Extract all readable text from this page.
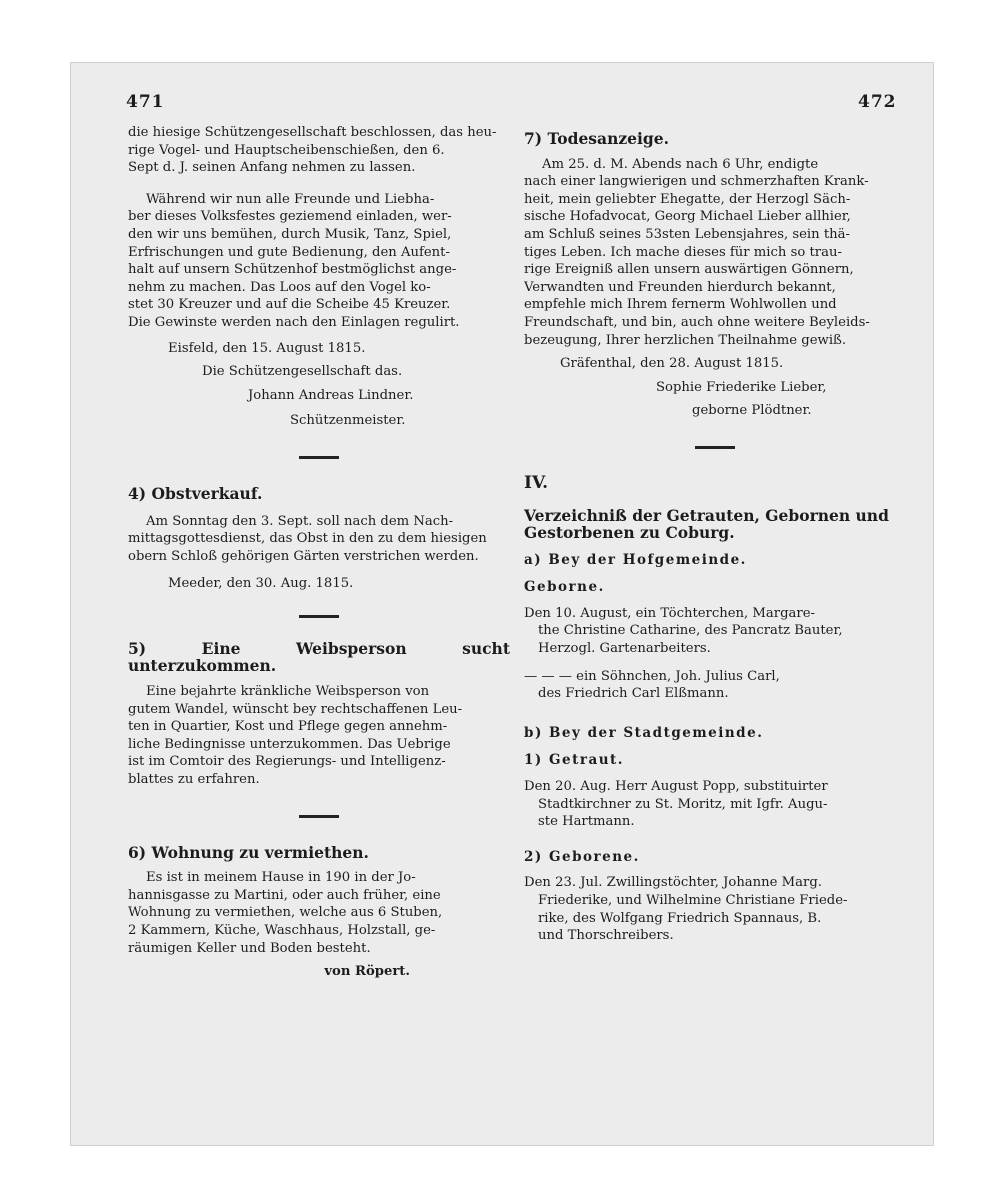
471	472

die hiesige Schützengesellschaft beschlossen, das heu-

rige Vogel- und Hauptscheibenschießen, den 6.

Sept d. J. seinen Anfang nehmen zu lassen.

Während wir nun alle Freunde und Liebha-

ber dieses Volksfestes geziemend einladen, wer-

den wir uns bemühen, durch Musik, Tanz, Spiel,

Erfrischungen und gute Bedienung, den Aufent-

halt auf unsern Schützenhof bestmöglichst ange-

nehm zu machen. Das Loos auf den Vogel ko-

stet 30 Kreuzer und auf die Scheibe 45 Kreuzer.

Die Gewinste werden nach den Einlagen regulirt.

Eisfeld, den 15. August 1815.

Die Schützengesellschaft das.

Johann Andreas Lindner.

Schützenmeister.

4) Obstverkauf.

Am Sonntag den 3. Sept. soll nach dem Nach-

mittagsgottesdienst, das Obst in den zu dem hiesigen

obern Schloß gehörigen Gärten verstrichen werden.

Meeder, den 30. Aug. 1815.

5) Eine Weibsperson sucht unterzukommen.

Eine bejahrte kränkliche Weibsperson von

gutem Wandel, wünscht bey rechtschaffenen Leu-

ten in Quartier, Kost und Pflege gegen annehm-

liche Bedingnisse unterzukommen. Das Uebrige

ist im Comtoir des Regierungs- und Intelligenz-

blattes zu erfahren.

6) Wohnung zu vermiethen.

Es ist in meinem Hause in 190 in der Jo-

hannisgasse zu Martini, oder auch früher, eine

Wohnung zu vermiethen, welche aus 6 Stuben,

2 Kammern, Küche, Waschhaus, Holzstall, ge-

räumigen Keller und Boden besteht.

von Röpert.

7) Todesanzeige.

Am 25. d. M. Abends nach 6 Uhr, endigte

nach einer langwierigen und schmerzhaften Krank-

heit, mein geliebter Ehegatte, der Herzogl Säch-

sische Hofadvocat, Georg Michael Lieber allhier,

am Schluß seines 53sten Lebensjahres, sein thä-

tiges Leben. Ich mache dieses für mich so trau-

rige Ereigniß allen unsern auswärtigen Gönnern,

Verwandten und Freunden hierdurch bekannt,

empfehle mich Ihrem fernerm Wohlwollen und

Freundschaft, und bin, auch ohne weitere Beyleids-

bezeugung, Ihrer herzlichen Theilnahme gewiß.

Gräfenthal, den 28. August 1815.

Sophie Friederike Lieber,

geborne Plödtner.

IV.

Verzeichniß der Getrauten, Gebornen und

Gestorbenen zu Coburg.

a) Bey der Hofgemeinde.

Geborne.

Den 10. August, ein Töchterchen, Margare-

the Christine Catharine, des Pancratz Bauter,

Herzogl. Gartenarbeiters.

— — — ein Söhnchen, Joh. Julius Carl,

des Friedrich Carl Elßmann.

b) Bey der Stadtgemeinde.

1) Getraut.

Den 20. Aug. Herr August Popp, substituirter

Stadtkirchner zu St. Moritz, mit Igfr. Augu-

ste Hartmann.

2) Geborene.

Den 23. Jul. Zwillingstöchter, Johanne Marg.

Friederike, und Wilhelmine Christiane Friede-

rike, des Wolfgang Friedrich Spannaus, B.

und Thorschreibers.
